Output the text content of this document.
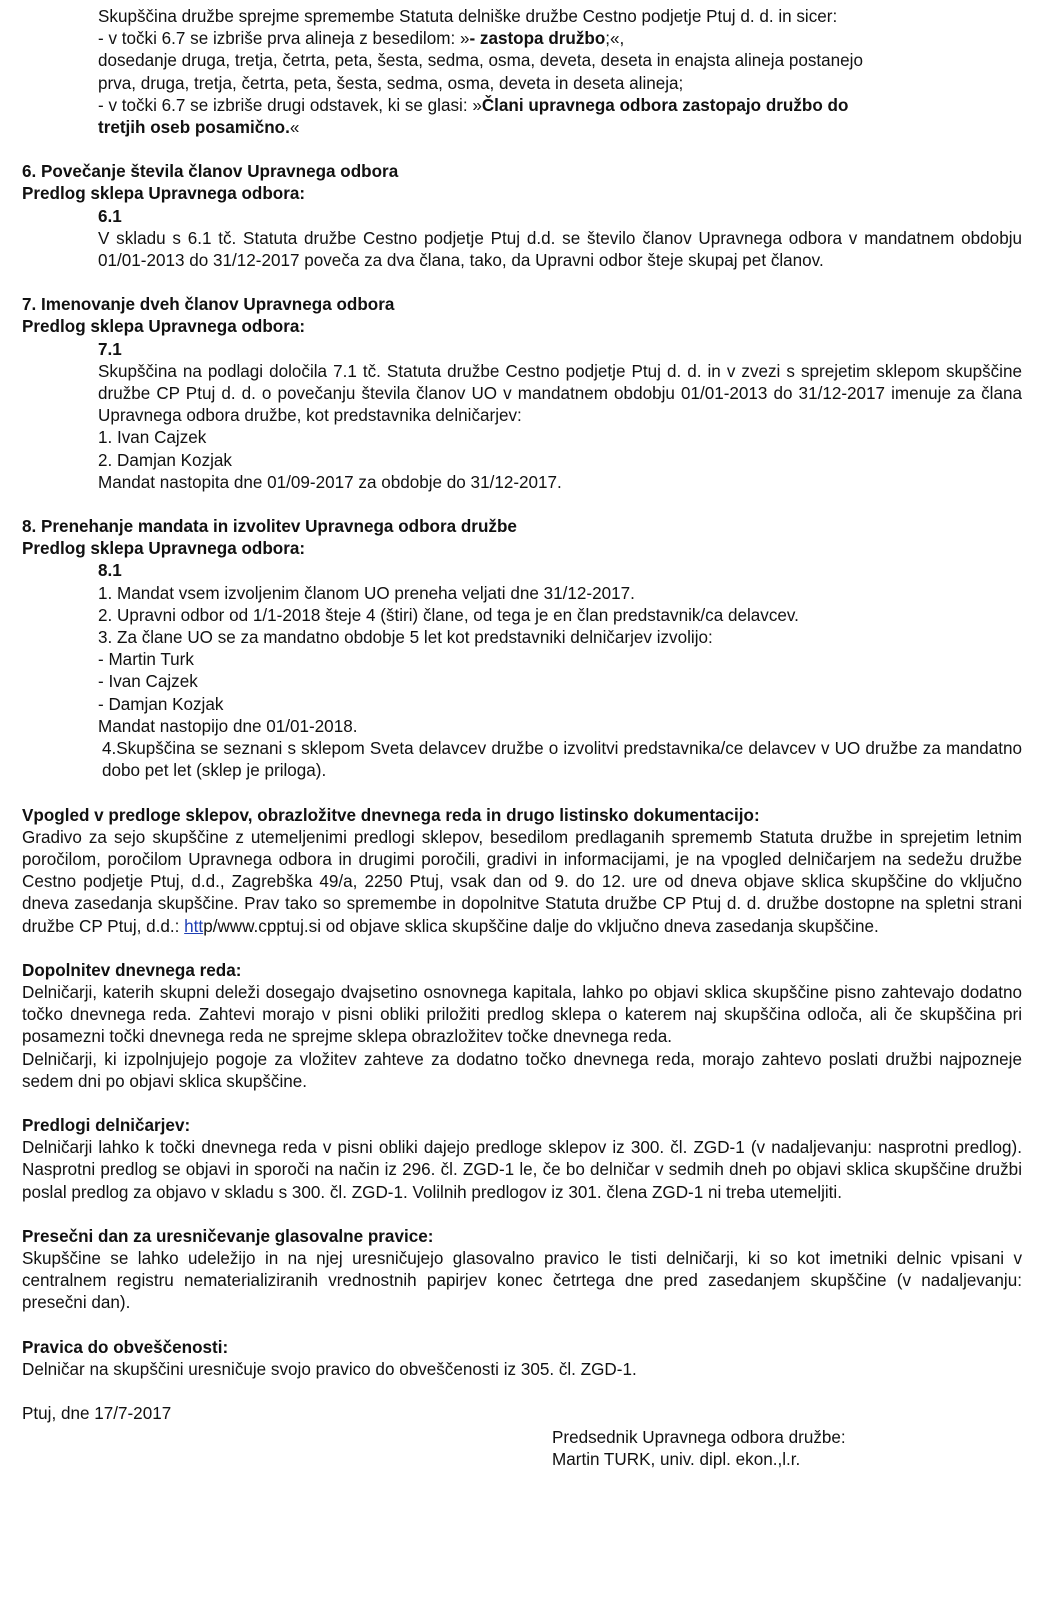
Skupščina družbe sprejme spremembe Statuta delniške družbe Cestno podjetje Ptuj d. d. in sicer:

- v točki 6.7 se izbriše prva alineja z besedilom: »- zastopa družbo;«,

dosedanje druga, tretja, četrta, peta, šesta, sedma, osma, deveta, deseta in enajsta alineja postanejo

prva, druga, tretja, četrta, peta, šesta, sedma, osma, deveta in deseta alineja;

- v točki 6.7 se izbriše drugi odstavek, ki se glasi: »Člani upravnega odbora zastopajo družbo do

tretjih oseb posamično.«

6. Povečanje števila članov Upravnega odbora

Predlog sklepa Upravnega odbora:

6.1

V skladu s 6.1 tč. Statuta družbe Cestno podjetje Ptuj d.d. se število članov Upravnega odbora v mandatnem obdobju 01/01-2013 do 31/12-2017 poveča za dva člana, tako, da Upravni odbor šteje skupaj pet članov.

7. Imenovanje dveh članov Upravnega odbora

Predlog sklepa Upravnega odbora:

7.1

Skupščina na podlagi določila 7.1 tč. Statuta družbe Cestno podjetje Ptuj d. d. in v zvezi s sprejetim sklepom skupščine družbe CP Ptuj d. d. o povečanju števila članov UO v mandatnem obdobju 01/01-2013 do 31/12-2017 imenuje za člana Upravnega odbora družbe, kot predstavnika delničarjev:

1. Ivan Cajzek

2. Damjan Kozjak

Mandat nastopita dne 01/09-2017 za obdobje do 31/12-2017.

8. Prenehanje mandata in izvolitev Upravnega odbora družbe

Predlog sklepa Upravnega odbora:

8.1

1. Mandat vsem izvoljenim članom UO preneha veljati dne 31/12-2017.

2. Upravni odbor od 1/1-2018 šteje 4 (štiri) člane, od tega je en član predstavnik/ca delavcev.

3. Za člane UO se za mandatno obdobje 5 let kot predstavniki delničarjev izvolijo:

- Martin Turk

- Ivan Cajzek

- Damjan Kozjak

Mandat nastopijo dne 01/01-2018.

4.Skupščina se seznani s sklepom Sveta delavcev družbe o izvolitvi predstavnika/ce delavcev v UO družbe za mandatno dobo pet let (sklep je priloga).

Vpogled v predloge sklepov, obrazložitve dnevnega reda in drugo listinsko dokumentacijo:

Gradivo za sejo skupščine z utemeljenimi predlogi sklepov, besedilom predlaganih sprememb Statuta družbe in sprejetim letnim poročilom, poročilom Upravnega odbora in drugimi poročili, gradivi in informacijami, je na vpogled delničarjem na sedežu družbe Cestno podjetje Ptuj, d.d., Zagrebška 49/a, 2250 Ptuj, vsak dan od 9. do 12. ure od dneva objave sklica skupščine do vključno dneva zasedanja skupščine. Prav tako so spremembe in dopolnitve Statuta družbe CP Ptuj d. d. družbe dostopne na spletni strani družbe CP Ptuj, d.d.: http/www.cpptuj.si od objave sklica skupščine dalje do vključno dneva zasedanja skupščine.

Dopolnitev dnevnega reda:

Delničarji, katerih skupni deleži dosegajo dvajsetino osnovnega kapitala, lahko po objavi sklica skupščine pisno zahtevajo dodatno točko dnevnega reda. Zahtevi morajo v pisni obliki priložiti predlog sklepa o katerem naj skupščina odloča, ali če skupščina pri posamezni točki dnevnega reda ne sprejme sklepa obrazložitev točke dnevnega reda.

Delničarji, ki izpolnjujejo pogoje za vložitev zahteve za dodatno točko dnevnega reda, morajo zahtevo poslati družbi najpozneje sedem dni po objavi sklica skupščine.

Predlogi delničarjev:

Delničarji lahko k točki dnevnega reda v pisni obliki dajejo predloge sklepov iz 300. čl. ZGD-1 (v nadaljevanju: nasprotni predlog). Nasprotni predlog se objavi in sporoči na način iz 296. čl. ZGD-1 le, če bo delničar v sedmih dneh po objavi sklica skupščine družbi poslal predlog za objavo v skladu s 300. čl. ZGD-1. Volilnih predlogov iz 301. člena ZGD-1 ni treba utemeljiti.

Presečni dan za uresničevanje glasovalne pravice:

Skupščine se lahko udeležijo in na njej uresničujejo glasovalno pravico le tisti delničarji, ki so kot imetniki delnic vpisani v centralnem registru nematerializiranih vrednostnih papirjev konec četrtega dne pred zasedanjem skupščine (v nadaljevanju: presečni dan).

Pravica do obveščenosti:

Delničar na skupščini uresničuje svojo pravico do obveščenosti iz 305. čl. ZGD-1.

Ptuj, dne 17/7-2017

Predsednik Upravnega odbora družbe:

Martin TURK, univ. dipl. ekon.,l.r.
